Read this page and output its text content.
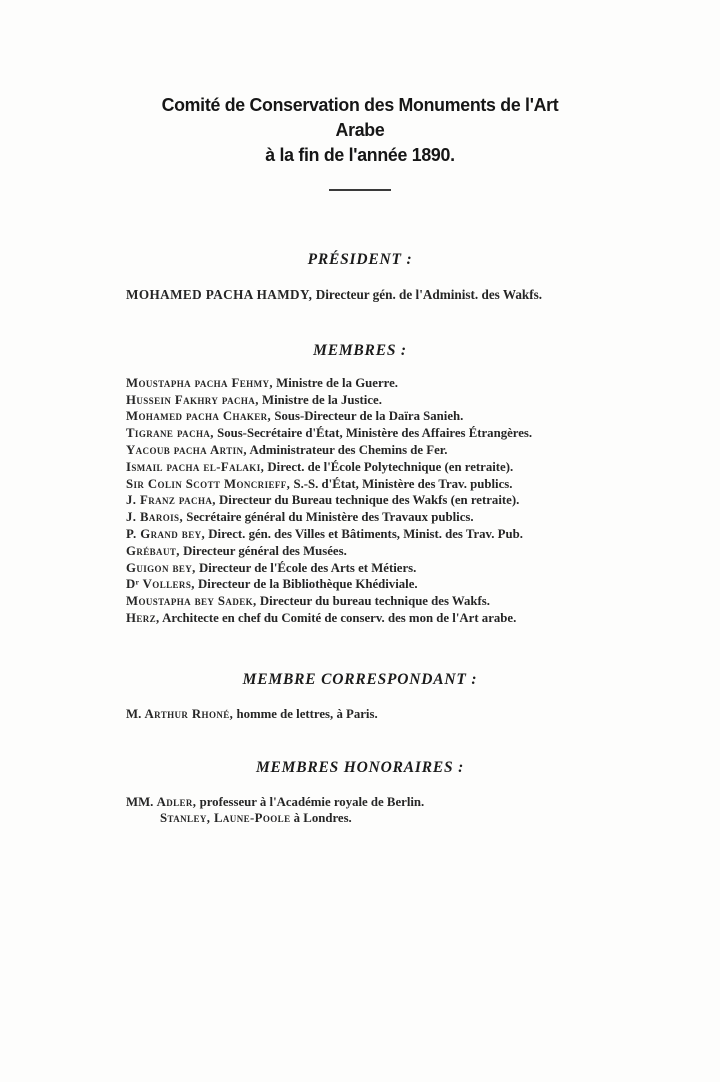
Comité de Conservation des Monuments de l'Art Arabe
à la fin de l'année 1890.
PRÉSIDENT :

MOHAMED PACHA HAMDY, Directeur gén. de l'Administ. des Wakfs.

MEMBRES :

Moustapha pacha Fehmy, Ministre de la Guerre.

Hussein Fakhry pacha, Ministre de la Justice.

Mohamed pacha Chaker, Sous-Directeur de la Daïra Sanieh.

Tigrane pacha, Sous-Secrétaire d'État, Ministère des Affaires Étrangères.

Yacoub pacha Artin, Administrateur des Chemins de Fer.

Ismail pacha el-Falaki, Direct. de l'École Polytechnique (en retraite).

Sir Colin Scott Moncrieff, S.-S. d'État, Ministère des Trav. publics.

J. Franz pacha, Directeur du Bureau technique des Wakfs (en retraite).

J. Barois, Secrétaire général du Ministère des Travaux publics.

P. Grand bey, Direct. gén. des Villes et Bâtiments, Minist. des Trav. Pub.

Grébaut, Directeur général des Musées.

Guigon bey, Directeur de l'École des Arts et Métiers.

Dʳ Vollers, Directeur de la Bibliothèque Khédiviale.

Moustapha bey Sadek, Directeur du bureau technique des Wakfs.

Herz, Architecte en chef du Comité de conserv. des mon de l'Art arabe.

MEMBRE CORRESPONDANT :

M. Arthur Rhoné, homme de lettres, à Paris.

MEMBRES HONORAIRES :

MM. Adler, professeur à l'Académie royale de Berlin.

Stanley, Laune-Poole à Londres.
